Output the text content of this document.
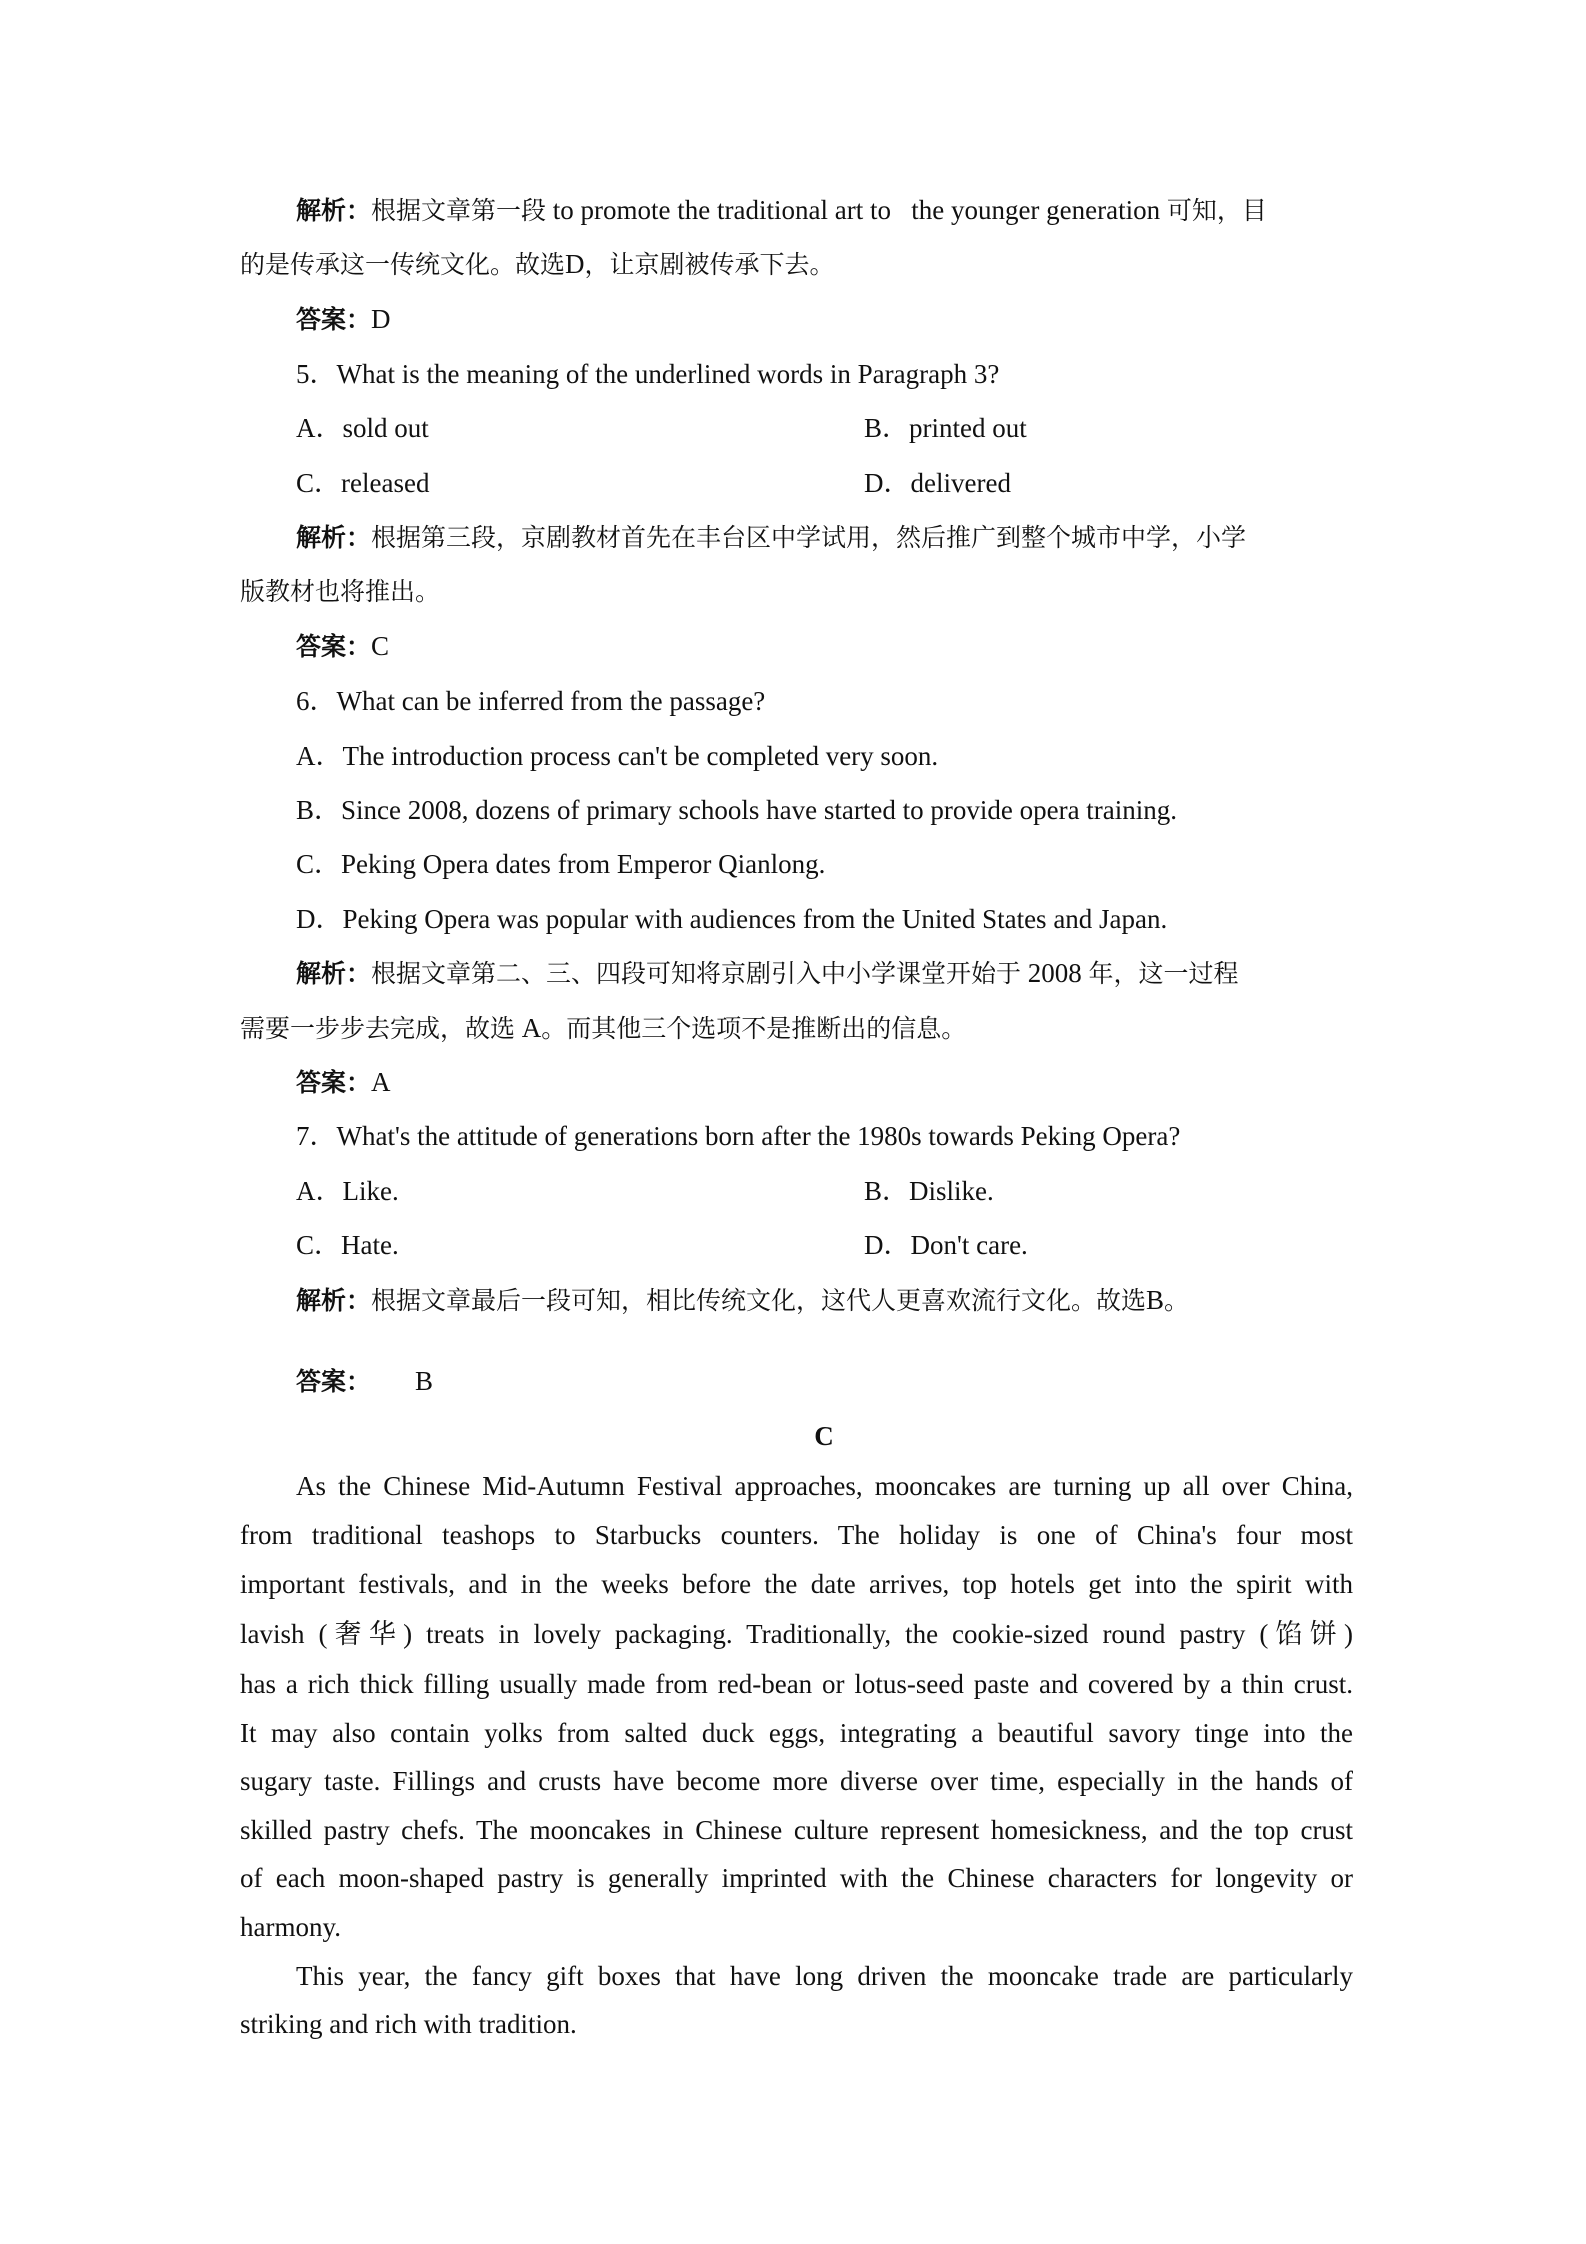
解析：根据文章第一段 to promote the traditional art to the younger generation 可知，目
的是传承这一传统文化。故选D，让京剧被传承下去。
答案：D
5．What is the meaning of the underlined words in Paragraph 3?
A．sold out	B．printed out
C．released	D．delivered
解析：根据第三段，京剧教材首先在丰台区中学试用，然后推广到整个城市中学，小学
版教材也将推出。
答案：C
6．What can be inferred from the passage?
A．The introduction process can't be completed very soon.
B．Since 2008, dozens of primary schools have started to provide opera training.
C．Peking Opera dates from Emperor Qianlong.
D．Peking Opera was popular with audiences from the United States and Japan.
解析：根据文章第二、三、四段可知将京剧引入中小学课堂开始于 2008 年，这一过程
需要一步步去完成，故选 A。而其他三个选项不是推断出的信息。
答案：A
7．What's the attitude of generations born after the 1980s towards Peking Opera?
A．Like.	B．Dislike.
C．Hate.	D．Don't care.
解析：根据文章最后一段可知，相比传统文化，这代人更喜欢流行文化。故选B。
答案： B
C
As the Chinese Mid-Autumn Festival approaches, mooncakes are turning up all over China,
from traditional teashops to Starbucks counters. The holiday is one of China's four most
important festivals, and in the weeks before the date arrives, top hotels get into the spirit with
lavish (奢华) treats in lovely packaging. Traditionally, the cookie-sized round pastry (馅饼)
has a rich thick filling usually made from red-bean or lotus-seed paste and covered by a thin crust.
It may also contain yolks from salted duck eggs, integrating a beautiful savory tinge into the
sugary taste. Fillings and crusts have become more diverse over time, especially in the hands of
skilled pastry chefs. The mooncakes in Chinese culture represent homesickness, and the top crust
of each moon-shaped pastry is generally imprinted with the Chinese characters for longevity or
harmony.
This year, the fancy gift boxes that have long driven the mooncake trade are particularly
striking and rich with tradition.
